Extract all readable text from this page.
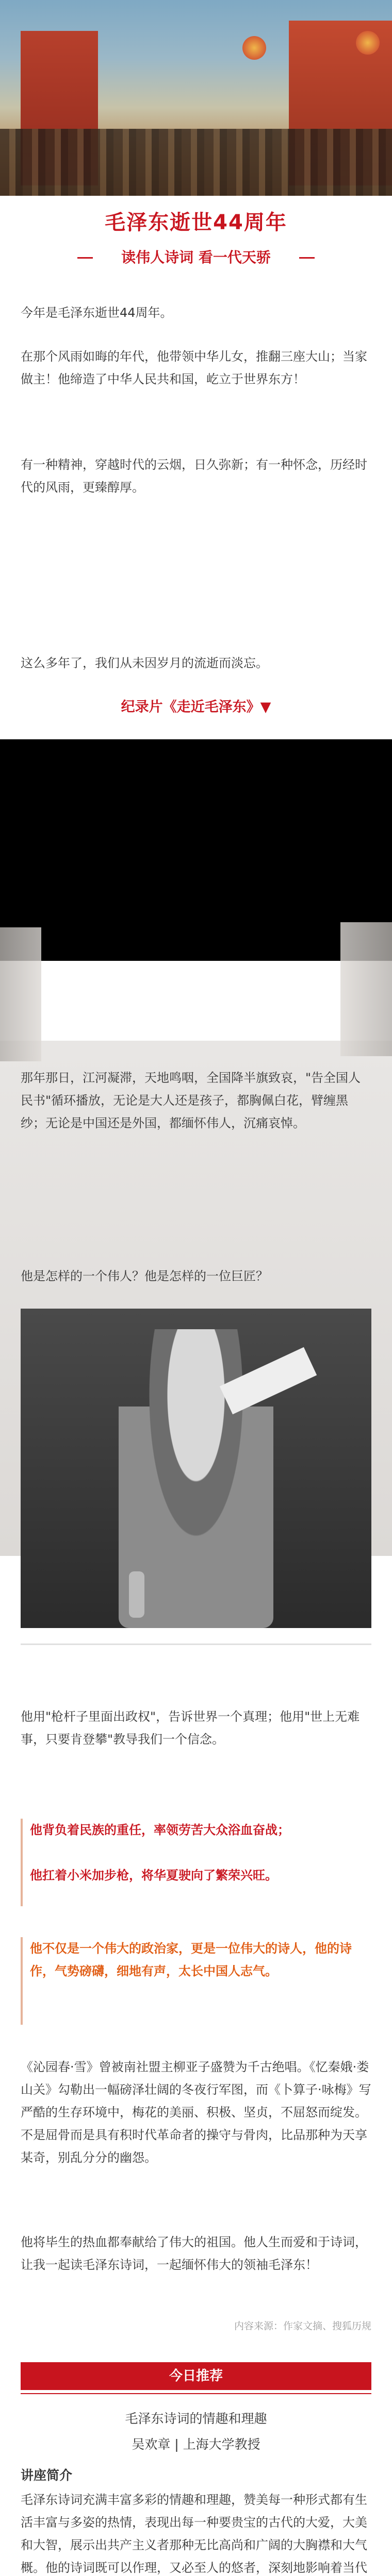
毛泽东逝世44周年
读伟人诗词 看一代天骄
今年是毛泽东逝世44周年。
在那个风雨如晦的年代，他带领中华儿女，推翻三座大山；当家做主！他缔造了中华人民共和国，屹立于世界东方！
有一种精神，穿越时代的云烟，日久弥新；有一种怀念，历经时代的风雨，更臻醇厚。
这么多年了，我们从未因岁月的流逝而淡忘。
纪录片《走近毛泽东》▼
那年那日，江河凝滞，天地鸣咽，全国降半旗致哀，"告全国人民书"循环播放，无论是大人还是孩子，都胸佩白花，臂缠黑纱；无论是中国还是外国，都缅怀伟人，沉痛哀悼。
他是怎样的一个伟人？他是怎样的一位巨匠？
他用"枪杆子里面出政权"，告诉世界一个真理；他用"世上无难事，只要肯登攀"教导我们一个信念。
他背负着民族的重任，率领劳苦大众浴血奋战；
他扛着小米加步枪，将华夏驶向了繁荣兴旺。
他不仅是一个伟大的政治家，更是一位伟大的诗人，他的诗作，气势磅礴，细地有声，太长中国人志气。
《沁园春·雪》曾被南社盟主柳亚子盛赞为千古绝唱。《忆秦娥·娄山关》勾勒出一幅磅泽壮阔的冬夜行军图，而《卜算子·咏梅》写严酷的生存环境中，梅花的美丽、积极、坚贞，不屈怒而绽发。不是屈骨而是具有积时代革命者的操守与骨肉，比品那种为天享某奇，别乱分分的幽怨。
他将毕生的热血都奉献给了伟大的祖国。他人生而爱和于诗词，让我一起读毛泽东诗词，一起缅怀伟大的领袖毛泽东！
内容来源：作家文摘、搜狐历规
今日推荐
毛泽东诗词的情趣和理趣
吴欢章 | 上海大学教授
讲座简介
毛泽东诗词充满丰富多彩的情趣和理趣，赞美每一种形式都有生活丰富与多姿的热情，表现出每一种要贵宝的古代的大爱，大美和大智，展示出共产主义者那种无比高尚和广阔的大胸襟和大气概。他的诗词既可以作理，又必至人的悠者，深刻地影响着当代
